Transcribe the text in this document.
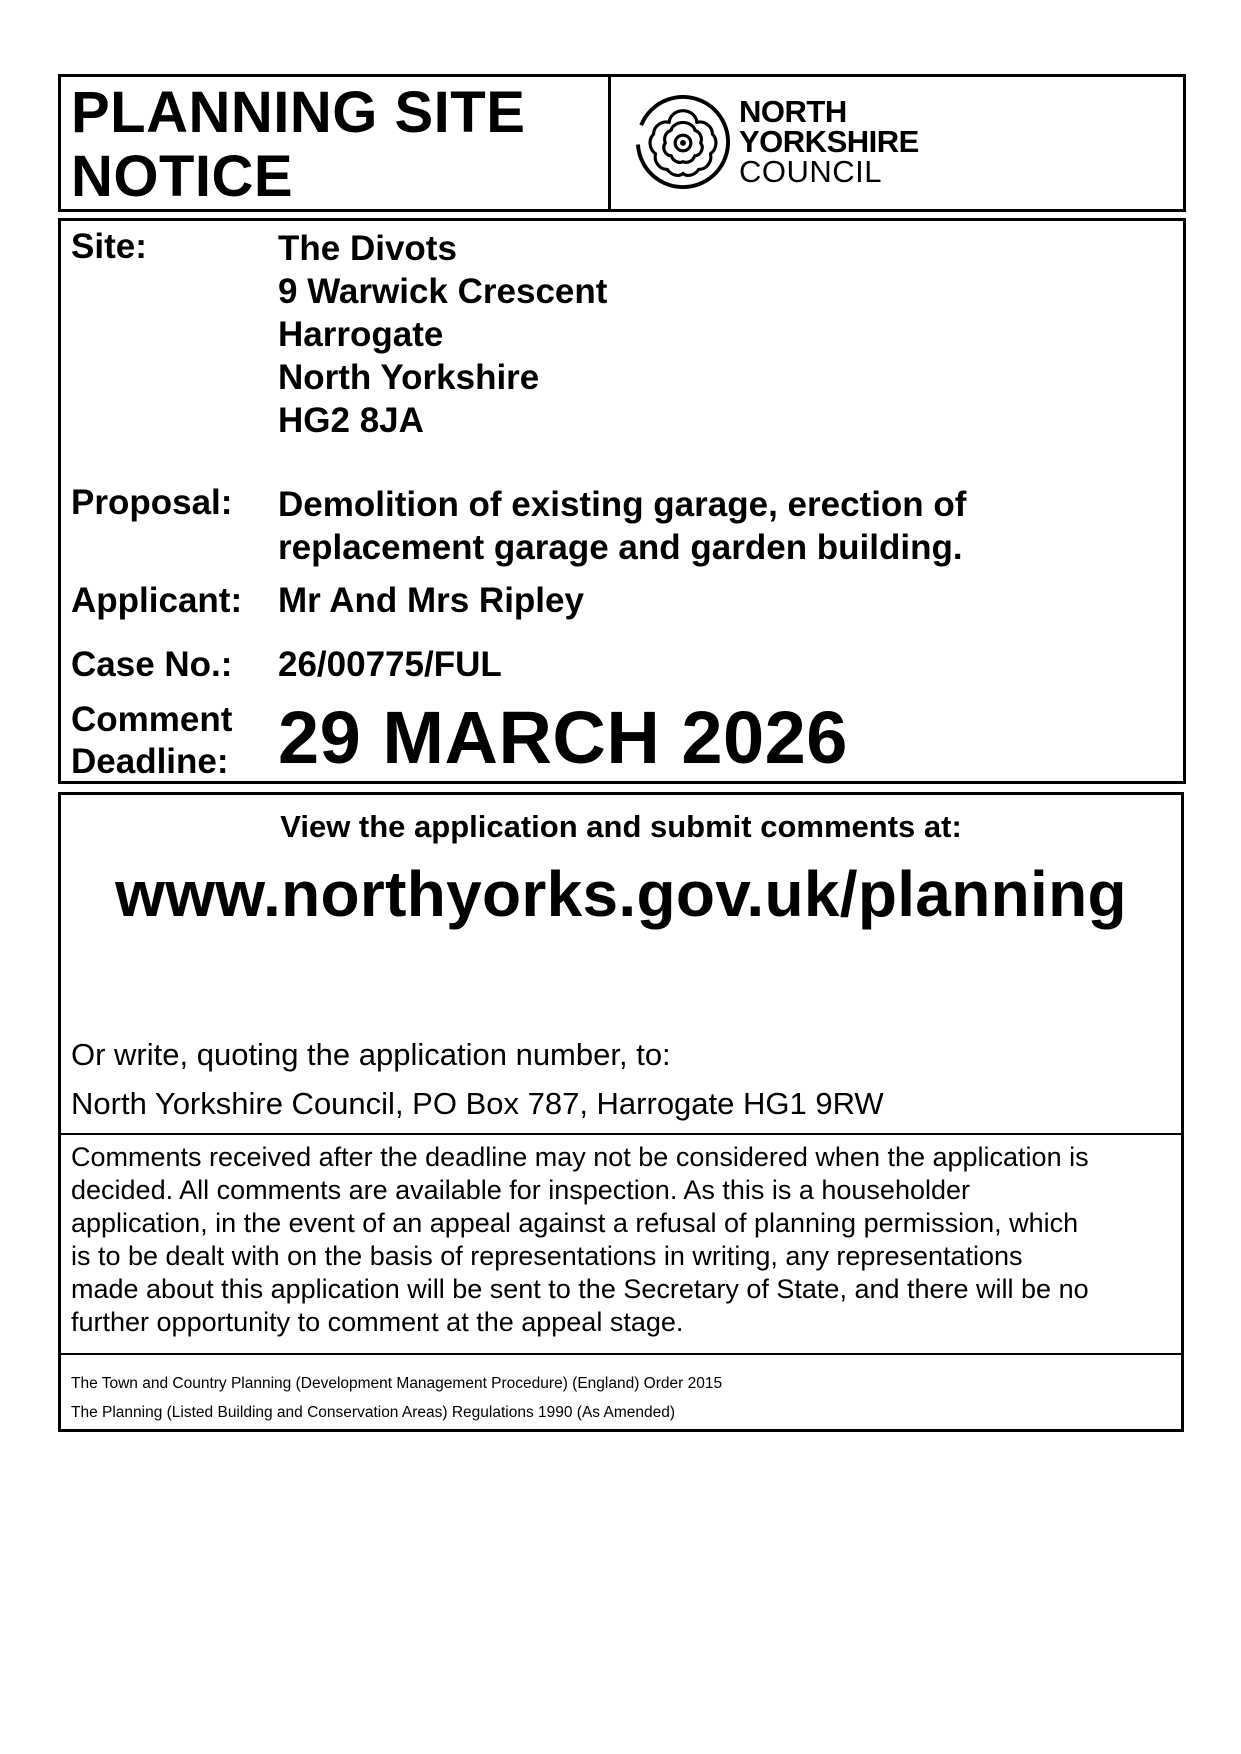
PLANNING SITE
NOTICE
NORTH
YORKSHIRE
COUNCIL
Site:	The Divots
9 Warwick Crescent
Harrogate
North Yorkshire
HG2 8JA
Proposal: Demolition of existing garage, erection of
replacement garage and garden building.
Applicant: Mr And Mrs Ripley
Case No.: 26/00775/FUL
Comment
Deadline: 29 MARCH 2026
View the application and submit comments at:
www.northyorks.gov.uk/planning
Or write, quoting the application number, to:
North Yorkshire Council, PO Box 787, Harrogate HG1 9RW
Comments received after the deadline may not be considered when the application is
decided. All comments are available for inspection. As this is a householder
application, in the event of an appeal against a refusal of planning permission, which
is to be dealt with on the basis of representations in writing, any representations
made about this application will be sent to the Secretary of State, and there will be no
further opportunity to comment at the appeal stage.
The Town and Country Planning (Development Management Procedure) (England) Order 2015
The Planning (Listed Building and Conservation Areas) Regulations 1990 (As Amended)
